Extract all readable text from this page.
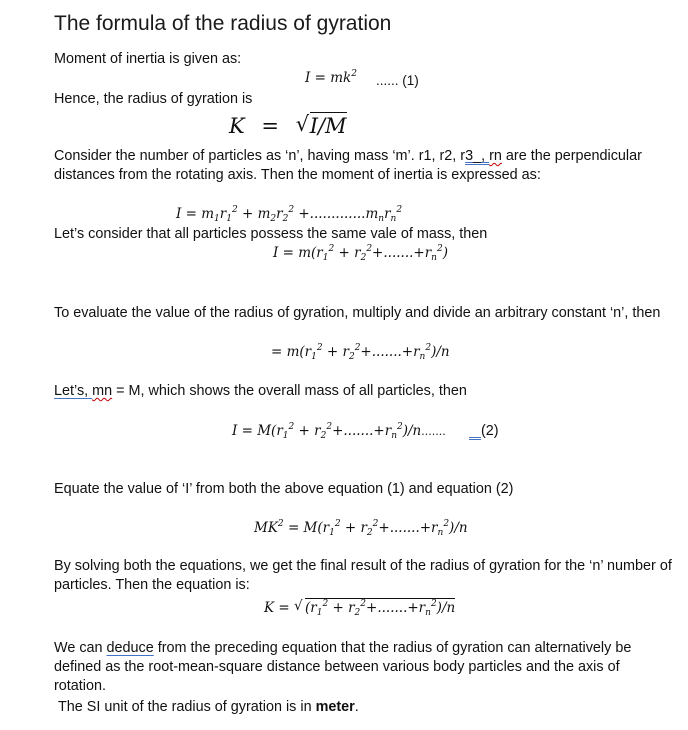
The formula of the radius of gyration
Moment of inertia is given as:
$I = mk^2$ ...... (1)
Hence, the radius of gyration is
K = √ I/M
Consider the number of particles as ‘n’, having mass ‘m’. r1, r2, r3_, rn are the perpendicular
distances from the rotating axis. Then the moment of inertia is expressed as:
$I = m_1r_1^2 + m_2r_2^2 +.............m_nr_n^2$
Let’s consider that all particles possess the same vale of mass, then
$I = m(r_1^2 + r_2^2+.......+r_n^2)$
To evaluate the value of the radius of gyration, multiply and divide an arbitrary constant ‘n’, then
= $m(r_1^2 + r_2^2+.......+r_n^2)/n$
Let’s, mn = M, which shows the overall mass of all particles, then
$I = M(r_1^2 + r_2^2+.......+r_n^2)/n$.......	(2)
Equate the value of ‘I’ from both the above equation (1) and equation (2)
$MK^2 = M(r_1^2 + r_2^2+.......+r_n^2)/n$
By solving both the equations, we get the final result of the radius of gyration for the ‘n’ number of particles. Then the equation is:
K = √ $(r_1^2 + r_2^2+.......+r_n^2)/n$
We can deduce from the preceding equation that the radius of gyration can alternatively be defined as the root-mean-square distance between various body particles and the axis of rotation.
The SI unit of the radius of gyration is in meter.
